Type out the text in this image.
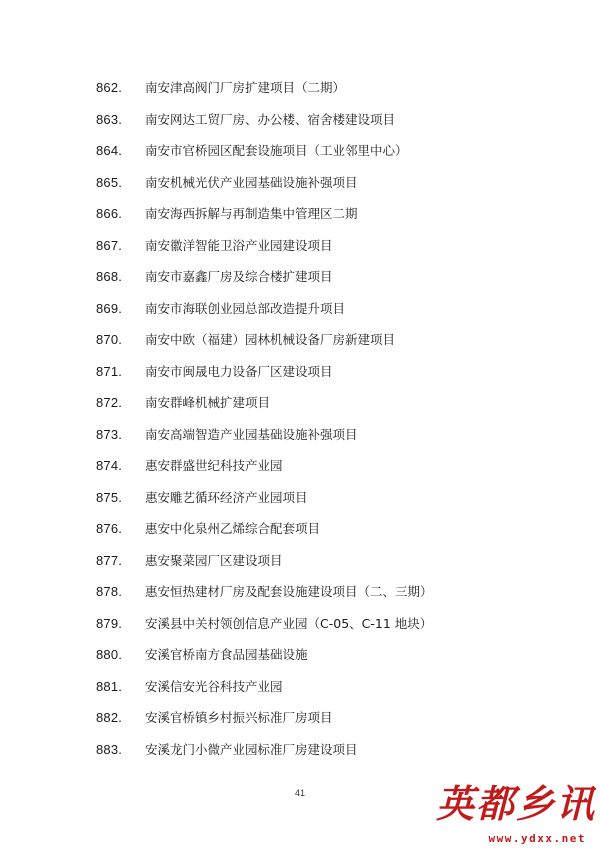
862. 南安津高阀门厂房扩建项目（二期）
863. 南安网达工贸厂房、办公楼、宿舍楼建设项目
864. 南安市官桥园区配套设施项目（工业邻里中心）
865. 南安机械光伏产业园基础设施补强项目
866. 南安海西拆解与再制造集中管理区二期
867. 南安徽洋智能卫浴产业园建设项目
868. 南安市嘉鑫厂房及综合楼扩建项目
869. 南安市海联创业园总部改造提升项目
870. 南安中欧（福建）园林机械设备厂房新建项目
871. 南安市闽晟电力设备厂区建设项目
872. 南安群峰机械扩建项目
873. 南安高端智造产业园基础设施补强项目
874. 惠安群盛世纪科技产业园
875. 惠安雕艺循环经济产业园项目
876. 惠安中化泉州乙烯综合配套项目
877. 惠安聚菜园厂区建设项目
878. 惠安恒热建材厂房及配套设施建设项目（二、三期）
879. 安溪县中关村领创信息产业园（C-05、C-11 地块）
880. 安溪官桥南方食品园基础设施
881. 安溪信安光谷科技产业园
882. 安溪官桥镇乡村振兴标准厂房项目
883. 安溪龙门小微产业园标准厂房建设项目
41	英都乡讯
www.ydxx.net
